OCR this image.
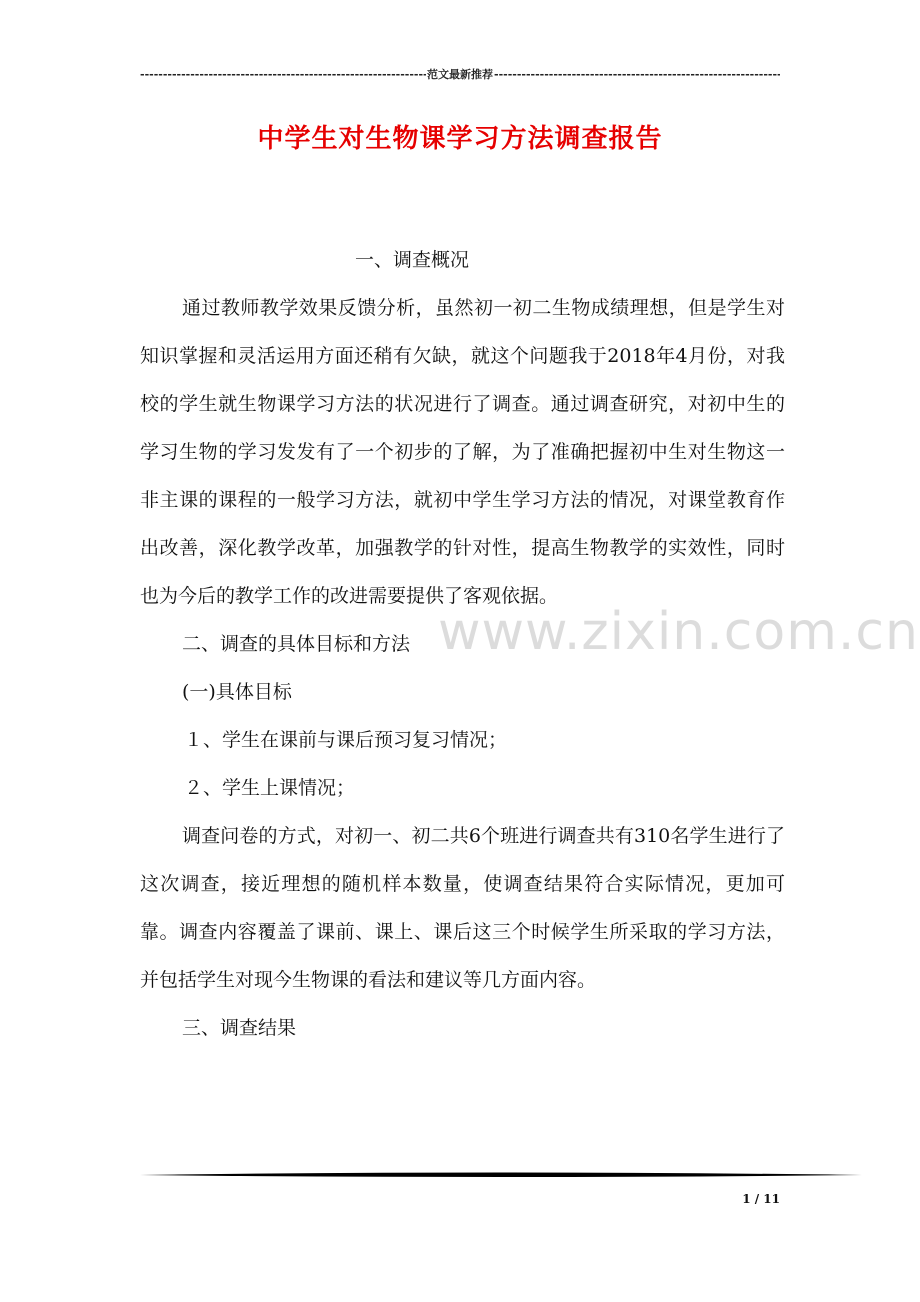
-----
范文最新推荐
-----
中学生对生物课学习方法调查报告
www.zixin.com.cn

一、调查概况

通过教师教学效果反馈分析，虽然初一初二生物成绩理想，但是学生对知识掌握和灵活运用方面还稍有欠缺，就这个问题我于2018年4月份，对我校的学生就生物课学习方法的状况进行了调查。通过调查研究，对初中生的学习生物的学习发发有了一个初步的了解，为了准确把握初中生对生物这一非主课的课程的一般学习方法，就初中学生学习方法的情况，对课堂教育作出改善，深化教学改革，加强教学的针对性，提高生物教学的实效性，同时也为今后的教学工作的改进需要提供了客观依据。

二、调查的具体目标和方法

(一)具体目标

１、学生在课前与课后预习复习情况；

２、学生上课情况；

调查问卷的方式，对初一、初二共6个班进行调查共有310名学生进行了这次调查，接近理想的随机样本数量，使调查结果符合实际情况，更加可靠。调查内容覆盖了课前、课上、课后这三个时候学生所采取的学习方法，并包括学生对现今生物课的看法和建议等几方面内容。

三、调查结果

1 / 11
